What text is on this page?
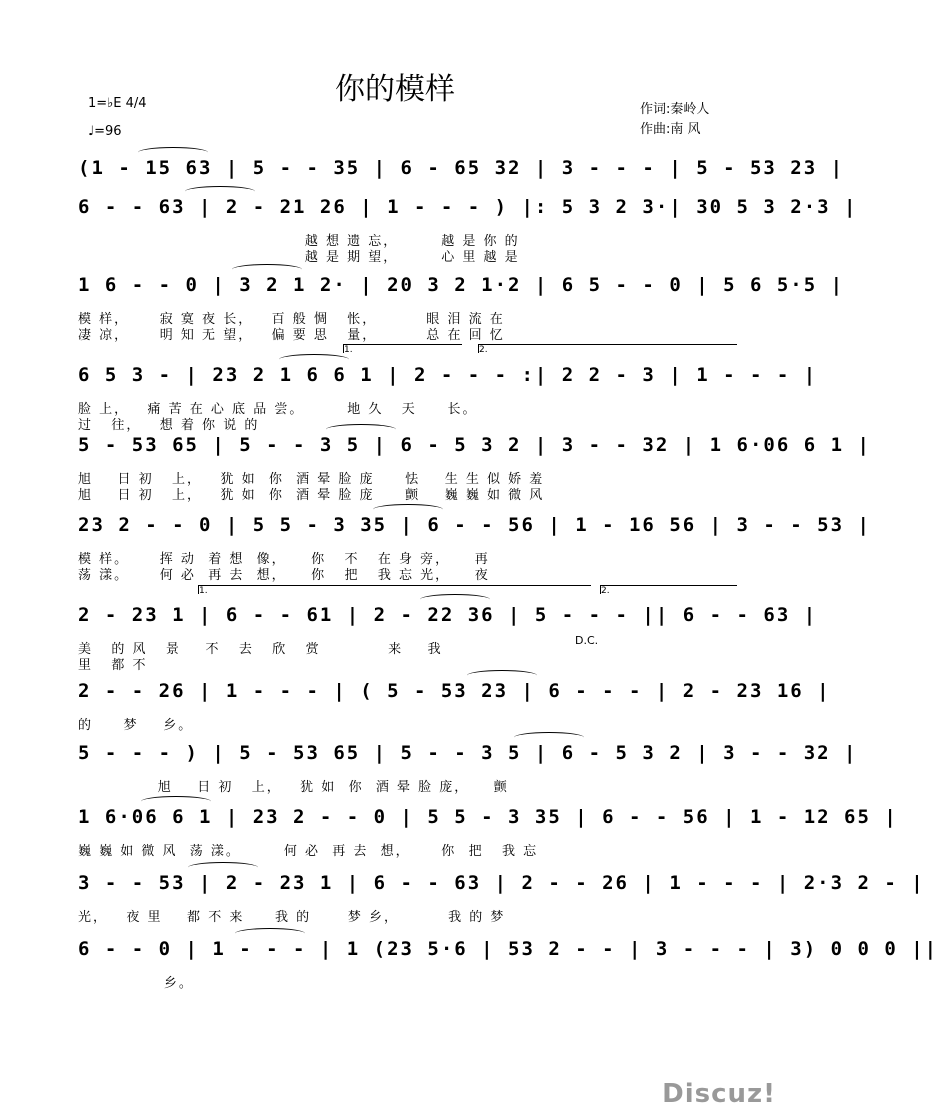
你的模样
1=♭E 4/4
♩=96
作词:秦岭人
作曲:南 风
(1 - 15 63 | 5 - - 35 | 6 - 65 32 | 3 - - - | 5 - 53 23 |
6 - - 63 | 2 - 21 26 | 1 - - - ) |: 5 3 2 3·| 30 5 3 2·3 |
越 想 遗 忘，       越 是 你 的
越 是 期 望，       心 里 越 是
1 6 - - 0 | 3 2 1 2· | 20 3 2 1·2 | 6 5 - - 0 | 5 6 5·5 |
模 样，     寂 寞 夜 长，   百 般 惆   怅，        眼 泪 流 在
凄 凉，     明 知 无 望，   偏 要 思   量，        总 在 回 忆
6 5 3 - | 23 2 1 6 6 1 | 2 - - - :| 2 2 - 3 | 1 - - - |
脸 上，   痛 苦 在 心 底 品 尝。       地 久   天     长。
过   往，   想 着 你 说 的
5 - 53 65 | 5 - - 3 5 | 6 - 5 3 2 | 3 - - 32 | 1 6·06 6 1 |
旭    日 初   上，   犹 如  你  酒 晕 脸 庞     怯    生 生 似 娇 羞
旭    日 初   上，   犹 如  你  酒 晕 脸 庞     颤    巍 巍 如 微 风
23 2 - - 0 | 5 5 - 3 35 | 6 - - 56 | 1 - 16 56 | 3 - - 53 |
模 样。     挥 动  着 想  像，    你   不   在 身 旁，    再
荡 漾。     何 必  再 去  想，    你   把   我 忘 光，    夜
2 - 23 1 | 6 - - 61 | 2 - 22 36 | 5 - - - || 6 - - 63 |
美   的 风   景    不   去   欣   赏           来    我
里   都 不
2 - - 26 | 1 - - - | ( 5 - 53 23 | 6 - - - | 2 - 23 16 |
的     梦    乡。
5 - - - ) | 5 - 53 65 | 5 - - 3 5 | 6 - 5 3 2 | 3 - - 32 |
旭    日 初   上，   犹 如  你  酒 晕 脸 庞，    颤
1 6·06 6 1 | 23 2 - - 0 | 5 5 - 3 35 | 6 - - 56 | 1 - 12 65 |
巍 巍 如 微 风  荡 漾。       何 必  再 去  想，     你  把   我 忘
3 - - 53 | 2 - 23 1 | 6 - - 63 | 2 - - 26 | 1 - - - | 2·3 2 - |
光，   夜 里    都 不 来     我 的      梦 乡，        我 的 梦
6 - - 0 | 1 - - - | 1 (23 5·6 | 53 2 - - | 3 - - - | 3) 0 0 0 ||
乡。
1.	2.
1.	2.
D.C.
Discuz!
